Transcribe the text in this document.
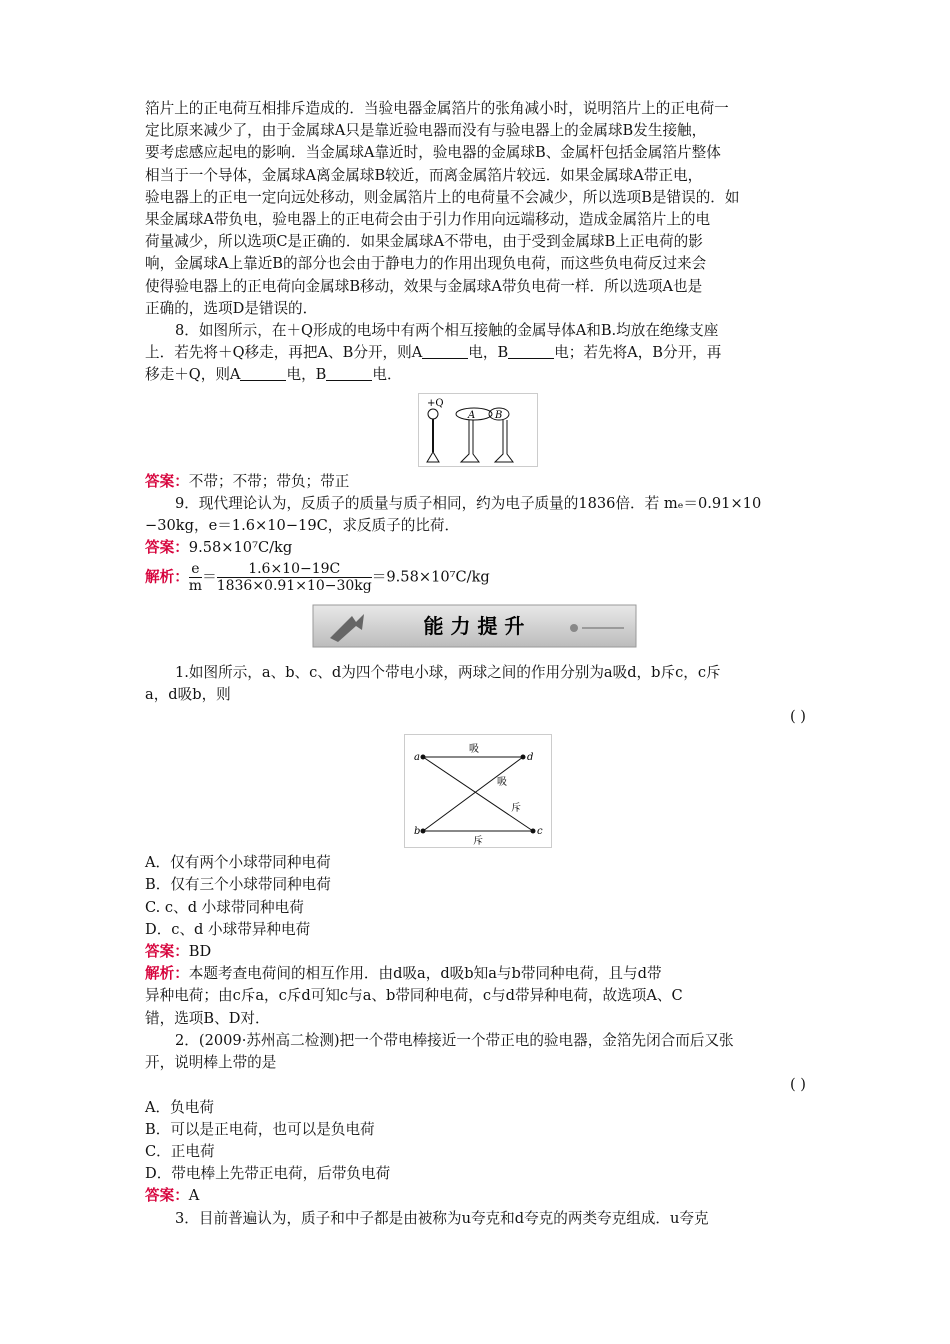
箔片上的正电荷互相排斥造成的．当验电器金属箔片的张角减小时，说明箔片上的正电荷一

定比原来减少了，由于金属球A只是靠近验电器而没有与验电器上的金属球B发生接触，

要考虑感应起电的影响．当金属球A靠近时，验电器的金属球B、金属杆包括金属箔片整体

相当于一个导体，金属球A离金属球B较近，而离金属箔片较远．如果金属球A带正电，

验电器上的正电一定向远处移动，则金属箔片上的电荷量不会减少，所以选项B是错误的．如

果金属球A带负电，验电器上的正电荷会由于引力作用向远端移动，造成金属箔片上的电

荷量减少，所以选项C是正确的．如果金属球A不带电，由于受到金属球B上正电荷的影

响，金属球A上靠近B的部分也会由于静电力的作用出现负电荷，而这些负电荷反过来会

使得验电器上的正电荷向金属球B移动，效果与金属球A带负电荷一样．所以选项A也是

正确的，选项D是错误的．

8．如图所示，在＋Q形成的电场中有两个相互接触的金属导体A和B.均放在绝缘支座

上．若先将＋Q移走，再把A、B分开，则A	电，B	电；若先将A，B分开，再

移走＋Q，则A	电，B	电．

+Q
A B

答案：不带；不带；带负；带正

9．现代理论认为，反质子的质量与质子相同，约为电子质量的1836倍．若 mₑ＝0.91×10

−30kg，e＝1.6×10−19C，求反质子的比荷．

答案：9.58×10⁷C/kg

解析： $\frac{e}{m} = \frac{1.6\times 10-19C}{1836\times 0.91\times 10-30kg} =9.58\times 10^7C/kg$

能 力 提 升

1.如图所示，a、b、c、d为四个带电小球，两球之间的作用分别为a吸d，b斥c，c斥

a，d吸b，则

( )

a	d
b	c
吸
吸
斥
斥

A．仅有两个小球带同种电荷

B．仅有三个小球带同种电荷

C. c、d 小球带同种电荷

D．c、d 小球带异种电荷

答案：BD

解析：本题考查电荷间的相互作用．由d吸a，d吸b知a与b带同种电荷，且与d带

异种电荷；由c斥a，c斥d可知c与a、b带同种电荷，c与d带异种电荷，故选项A、C

错，选项B、D对．

2．(2009·苏州高二检测)把一个带电棒接近一个带正电的验电器，金箔先闭合而后又张

开，说明棒上带的是

( )

A．负电荷

B．可以是正电荷，也可以是负电荷

C．正电荷

D．带电棒上先带正电荷，后带负电荷

答案：A

3．目前普遍认为，质子和中子都是由被称为u夸克和d夸克的两类夸克组成．u夸克
